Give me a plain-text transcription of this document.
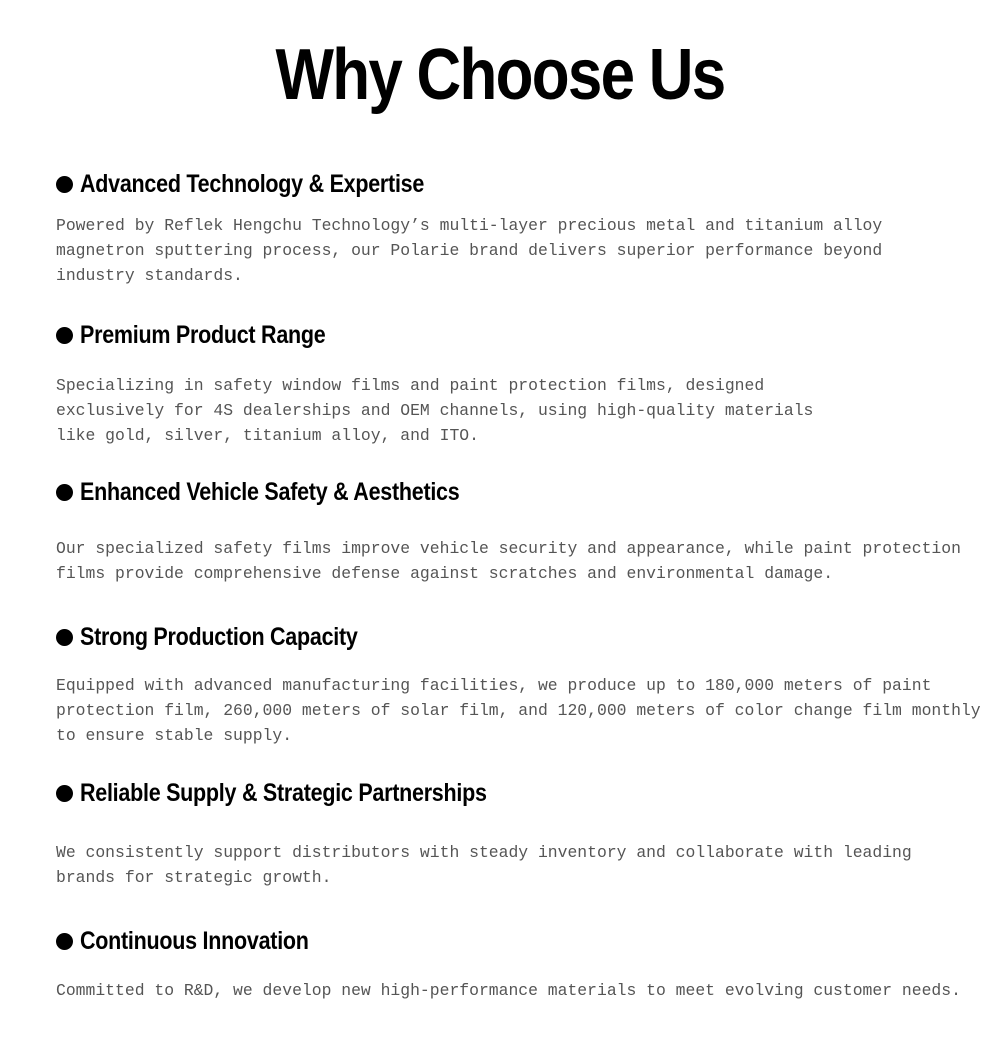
Why Choose Us
Advanced Technology & Expertise

Powered by Reflek Hengchu Technology’s multi-layer precious metal and titanium alloy
magnetron sputtering process, our Polarie brand delivers superior performance beyond
industry standards.

Premium Product Range

Specializing in safety window films and paint protection films, designed
exclusively for 4S dealerships and OEM channels, using high-quality materials
like gold, silver, titanium alloy, and ITO.

Enhanced Vehicle Safety & Aesthetics

Our specialized safety films improve vehicle security and appearance, while paint protection
films provide comprehensive defense against scratches and environmental damage.

Strong Production Capacity

Equipped with advanced manufacturing facilities, we produce up to 180,000 meters of paint
protection film, 260,000 meters of solar film, and 120,000 meters of color change film monthly
to ensure stable supply.

Reliable Supply & Strategic Partnerships

We consistently support distributors with steady inventory and collaborate with leading
brands for strategic growth.

Continuous Innovation

Committed to R&D, we develop new high-performance materials to meet evolving customer needs.
